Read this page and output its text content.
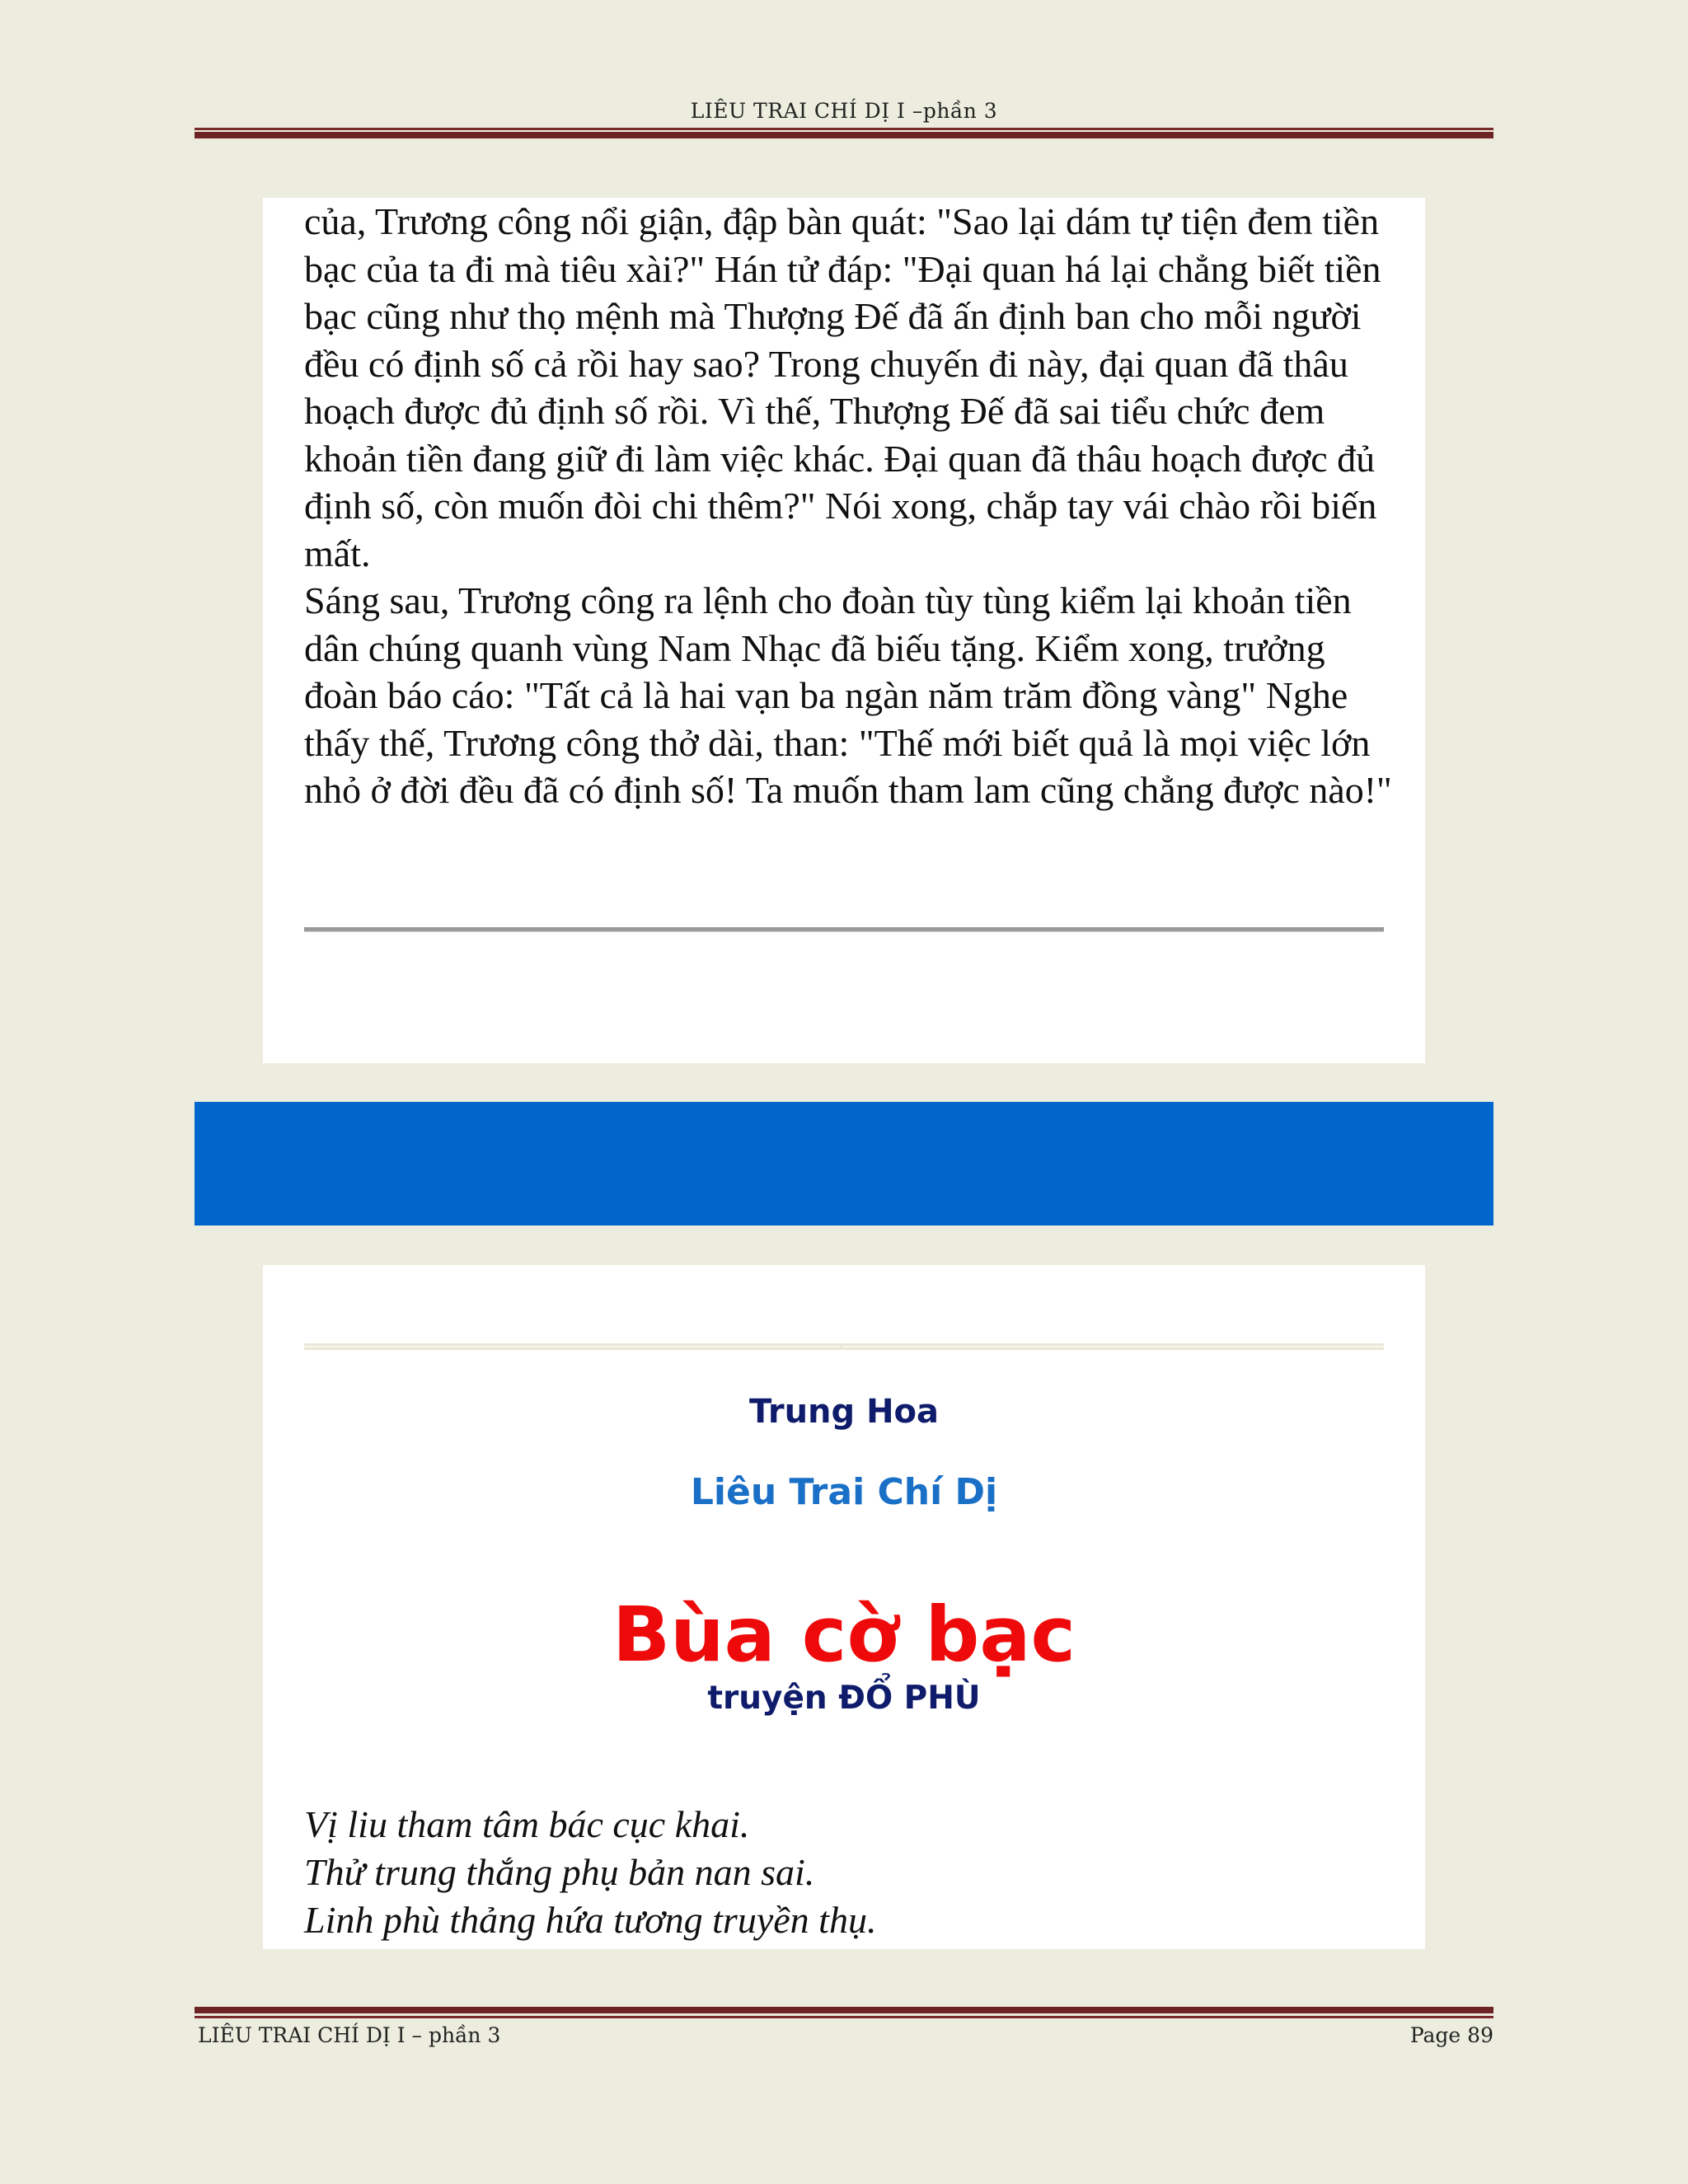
LIÊU TRAI CHÍ DỊ I –phần 3

của, Trương công nổi giận, đập bàn quát: "Sao lại dám tự tiện đem tiền bạc của ta đi mà tiêu xài?" Hán tử đáp: "Đại quan há lại chẳng biết tiền bạc cũng như thọ mệnh mà Thượng Đế đã ấn định ban cho mỗi người đều có định số cả rồi hay sao? Trong chuyến đi này, đại quan đã thâu hoạch được đủ định số rồi. Vì thế, Thượng Đế đã sai tiểu chức đem khoản tiền đang giữ đi làm việc khác. Đại quan đã thâu hoạch được đủ định số, còn muốn đòi chi thêm?" Nói xong, chắp tay vái chào rồi biến mất.

Sáng sau, Trương công ra lệnh cho đoàn tùy tùng kiểm lại khoản tiền dân chúng quanh vùng Nam Nhạc đã biếu tặng. Kiểm xong, trưởng đoàn báo cáo: "Tất cả là hai vạn ba ngàn năm trăm đồng vàng" Nghe thấy thế, Trương công thở dài, than: "Thế mới biết quả là mọi việc lớn nhỏ ở đời đều đã có định số! Ta muốn tham lam cũng chẳng được nào!"

Trung Hoa
Liêu Trai Chí Dị
Bùa cờ bạc
truyện ĐỔ PHÙ
Vị liu tham tâm bác cục khai.
Thử trung thắng phụ bản nan sai.
Linh phù thảng hứa tương truyền thụ.
LIÊU TRAI CHÍ DỊ I – phần 3	Page 89
